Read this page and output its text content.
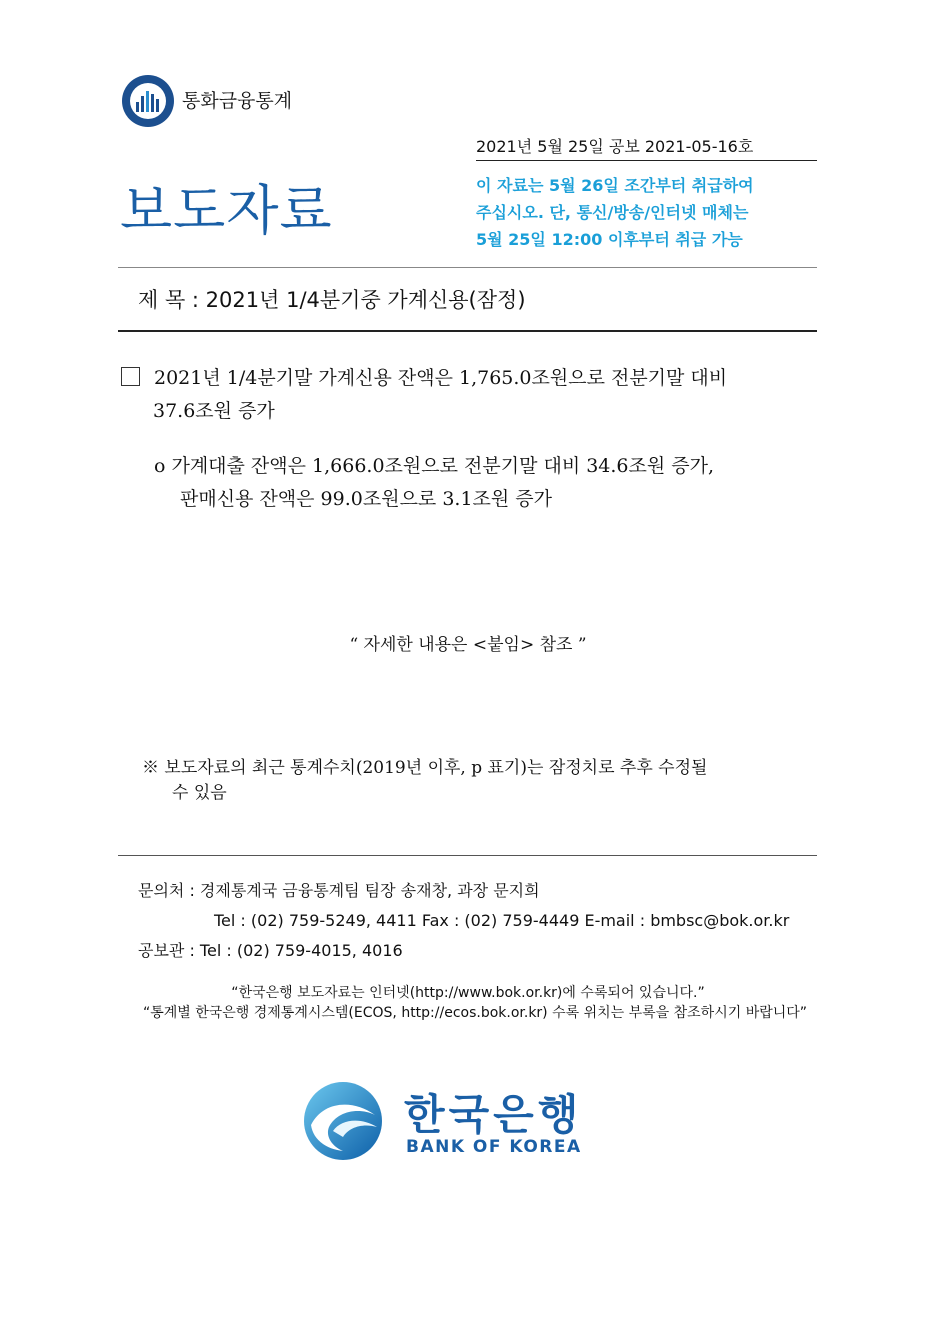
통화금융통계
2021년 5월 25일 공보 2021-05-16호
보도자료	이 자료는 5월 26일 조간부터 취급하여
주십시오. 단, 통신/방송/인터넷 매체는
5월 25일 12:00 이후부터 취급 가능
제 목 : 2021년 1/4분기중 가계신용(잠정)
2021년 1/4분기말 가계신용 잔액은 1,765.0조원으로 전분기말 대비
37.6조원 증가
o 가계대출 잔액은 1,666.0조원으로 전분기말 대비 34.6조원 증가,
판매신용 잔액은 99.0조원으로 3.1조원 증가
“ 자세한 내용은 <붙임> 참조 ”
※ 보도자료의 최근 통계수치(2019년 이후, p 표기)는 잠정치로 추후 수정될
수 있음
문의처 : 경제통계국 금융통계팀 팀장 송재창, 과장 문지희
Tel : (02) 759-5249, 4411 Fax : (02) 759-4449 E-mail : bmbsc@bok.or.kr
공보관 : Tel : (02) 759-4015, 4016
“한국은행 보도자료는 인터넷(http://www.bok.or.kr)에 수록되어 있습니다.”
“통계별 한국은행 경제통계시스템(ECOS, http://ecos.bok.or.kr) 수록 위치는 부록을 참조하시기 바랍니다”
한국은행
BANK OF KOREA
